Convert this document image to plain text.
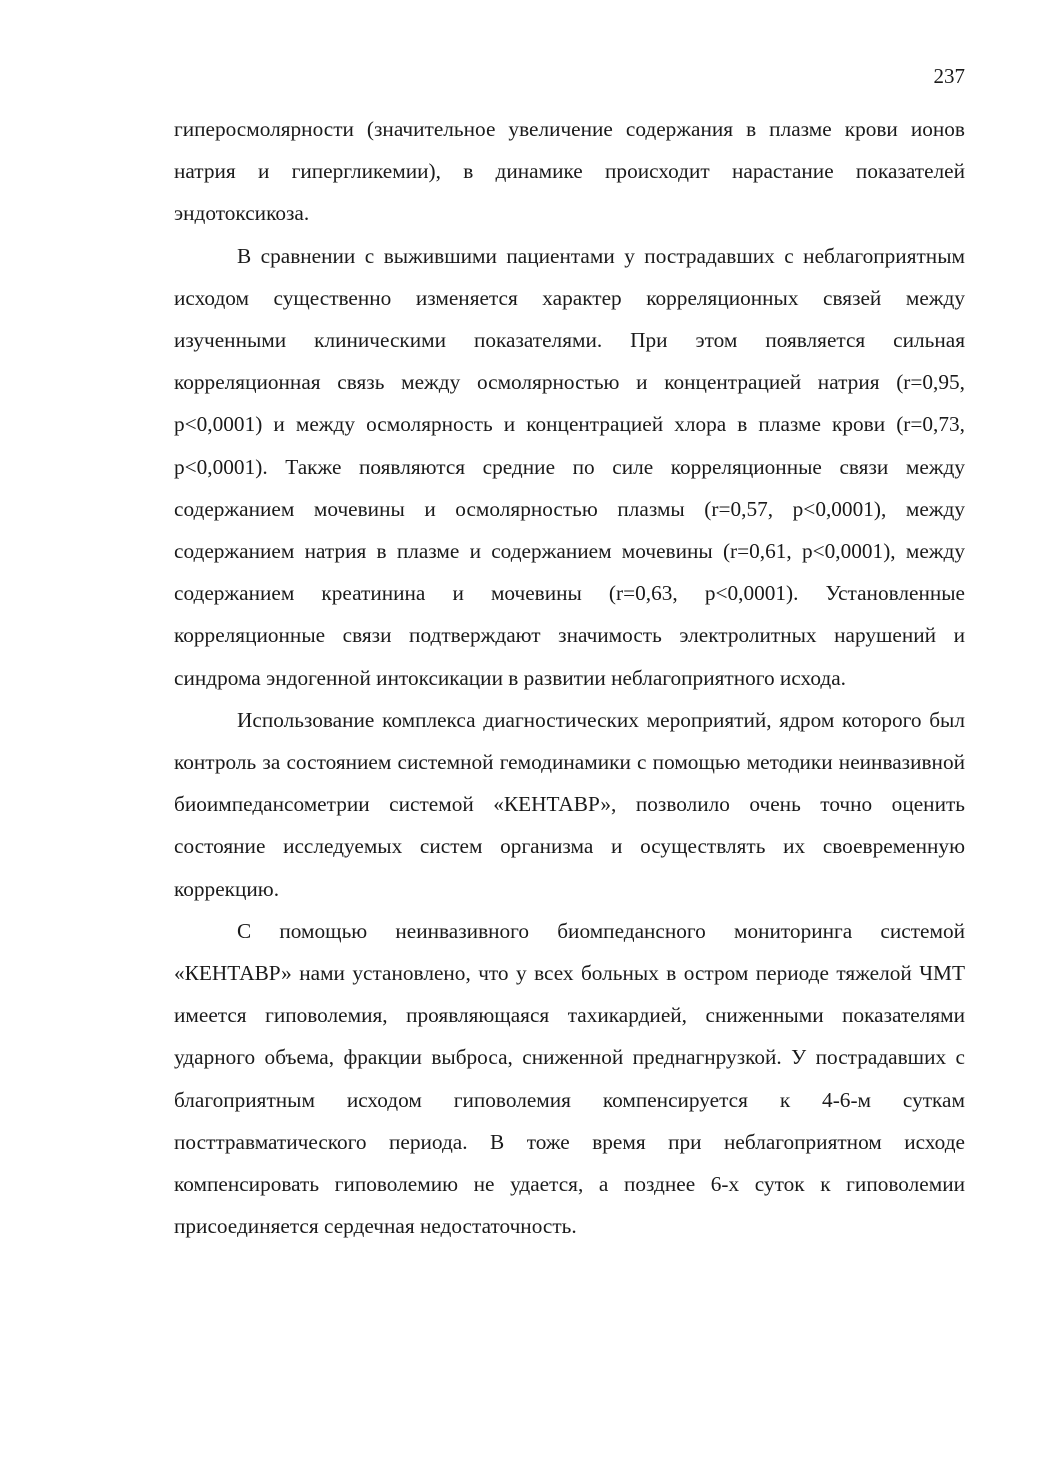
237

гиперосмолярности (значительное увеличение содержания в плазме крови ионов натрия и гипергликемии), в динамике происходит нарастание показателей эндотоксикоза.

В сравнении с выжившими пациентами у пострадавших с неблагоприятным исходом существенно изменяется характер корреляционных связей между изученными клиническими показателями. При этом появляется сильная корреляционная связь между осмолярностью и концентрацией натрия (r=0,95, p<0,0001) и между осмолярность и концентрацией хлора в плазме крови (r=0,73, p<0,0001). Также появляются средние по силе корреляционные связи между содержанием мочевины и осмолярностью плазмы (r=0,57, p<0,0001), между содержанием натрия в плазме и содержанием мочевины (r=0,61, p<0,0001), между содержанием креатинина и мочевины (r=0,63, p<0,0001). Установленные корреляционные связи подтверждают значимость электролитных нарушений и синдрома эндогенной интоксикации в развитии неблагоприятного исхода.

Использование комплекса диагностических мероприятий, ядром которого был контроль за состоянием системной гемодинамики с помощью методики неинвазивной биоимпедансометрии системой «КЕНТАВР», позволило очень точно оценить состояние исследуемых систем организма и осуществлять их своевременную коррекцию.

С помощью неинвазивного биомпедансного мониторинга системой «КЕНТАВР» нами установлено, что у всех больных в остром периоде тяжелой ЧМТ имеется гиповолемия, проявляющаяся тахикардией, сниженными показателями ударного объема, фракции выброса, сниженной преднагнрузкой. У пострадавших с благоприятным исходом гиповолемия компенсируется к 4-6-м суткам посттравматического периода. В тоже время при неблагоприятном исходе компенсировать гиповолемию не удается, а позднее 6-х суток к гиповолемии присоединяется сердечная недостаточность.
